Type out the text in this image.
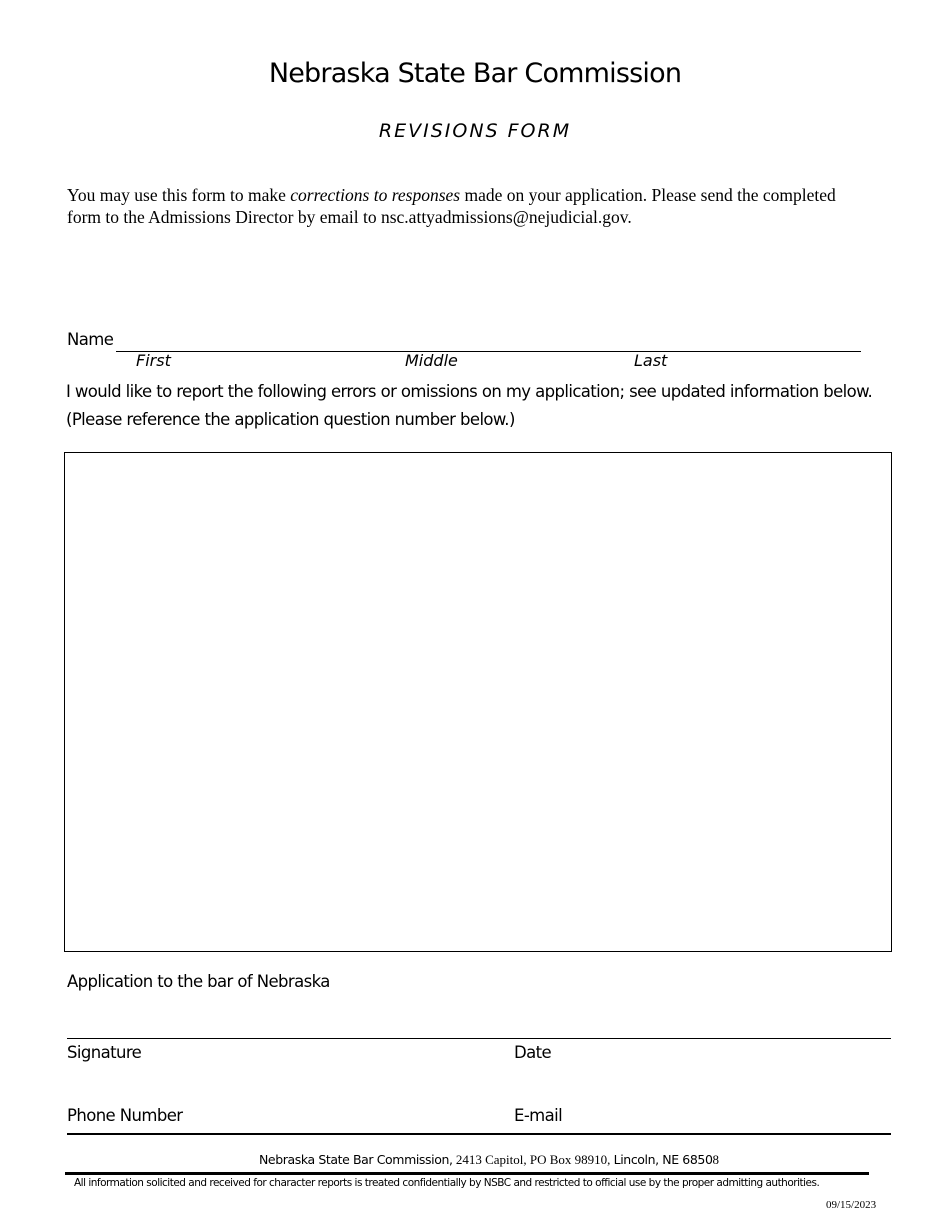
Nebraska State Bar Commission
REVISIONS FORM
You may use this form to make corrections to responses made on your application. Please send the completed form to the Admissions Director by email to nsc.attyadmissions@nejudicial.gov.
Name
First	Middle	Last
I would like to report the following errors or omissions on my application; see updated information below.
(Please reference the application question number below.)
Application to the bar of Nebraska
Signature	Date
Phone Number	E-mail
Nebraska State Bar Commission, 2413 Capitol, PO Box 98910, Lincoln, NE 68508
All information solicited and received for character reports is treated confidentially by NSBC and restricted to official use by the proper admitting authorities.
09/15/2023
